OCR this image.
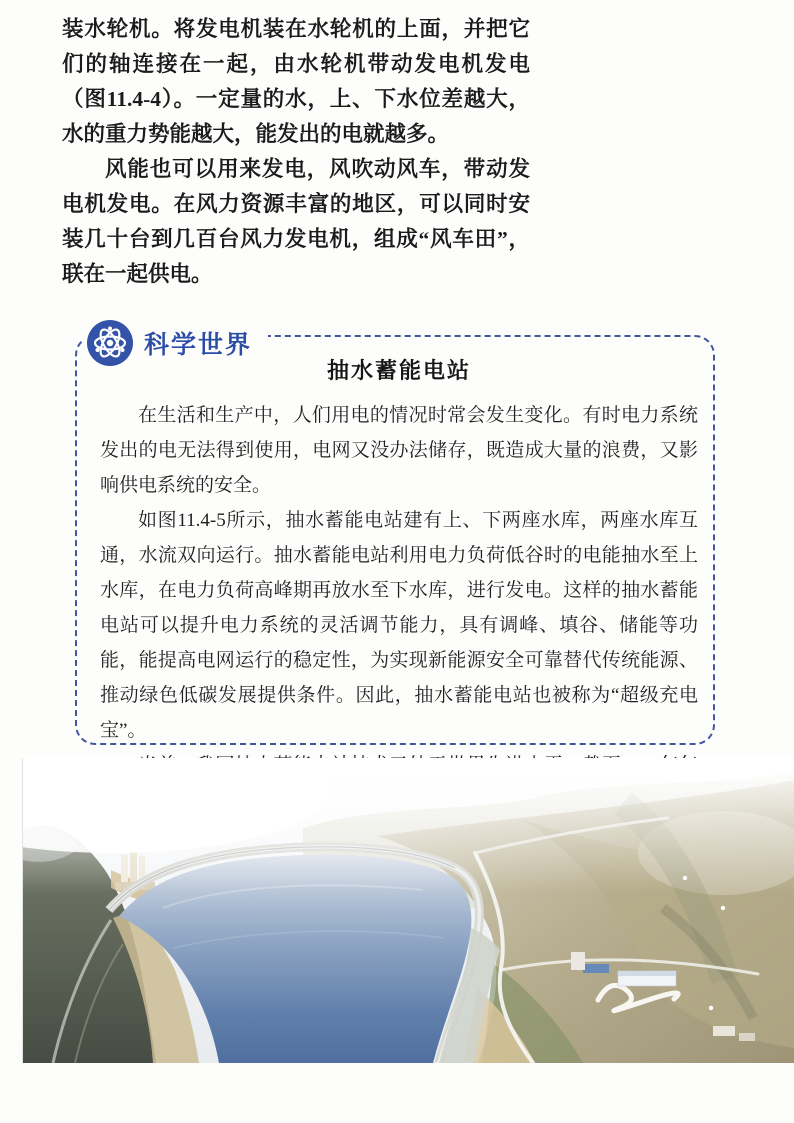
装水轮机。将发电机装在水轮机的上面，并把它们的轴连接在一起，由水轮机带动发电机发电（图11.4-4）。一定量的水，上、下水位差越大，水的重力势能越大，能发出的电就越多。

风能也可以用来发电，风吹动风车，带动发电机发电。在风力资源丰富的地区，可以同时安装几十台到几百台风力发电机，组成“风车田”，联在一起供电。

科学世界
抽水蓄能电站

在生活和生产中，人们用电的情况时常会发生变化。有时电力系统发出的电无法得到使用，电网又没办法储存，既造成大量的浪费，又影响供电系统的安全。

如图11.4-5所示，抽水蓄能电站建有上、下两座水库，两座水库互通，水流双向运行。抽水蓄能电站利用电力负荷低谷时的电能抽水至上水库，在电力负荷高峰期再放水至下水库，进行发电。这样的抽水蓄能电站可以提升电力系统的灵活调节能力，具有调峰、填谷、储能等功能，能提高电网运行的稳定性，为实现新能源安全可靠替代传统能源、推动绿色低碳发展提供条件。因此，抽水蓄能电站也被称为“超级充电宝”。
